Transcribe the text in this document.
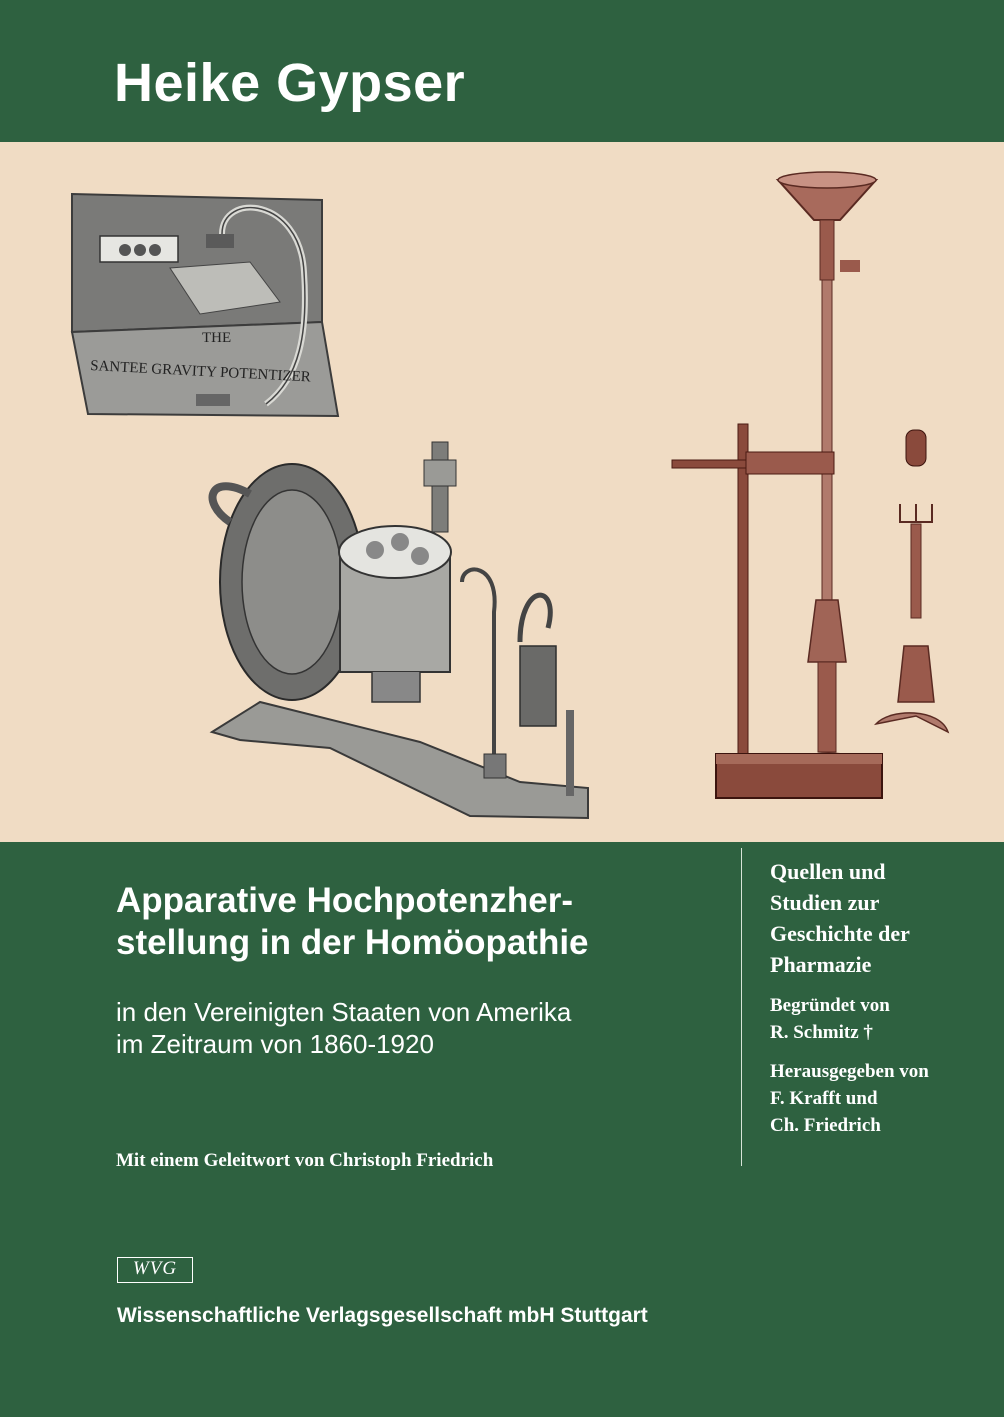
Heike Gypser
THE
SANTEE GRAVITY POTENTIZER
Apparative Hochpotenzher-
stellung in der Homöopathie
in den Vereinigten Staaten von Amerika
im Zeitraum von 1860-1920
Mit einem Geleitwort von Christoph Friedrich
Quellen und
Studien zur
Geschichte der
Pharmazie
Begründet von
R. Schmitz †
Herausgegeben von
F. Krafft und
Ch. Friedrich
WVG
Wissenschaftliche Verlagsgesellschaft mbH Stuttgart
